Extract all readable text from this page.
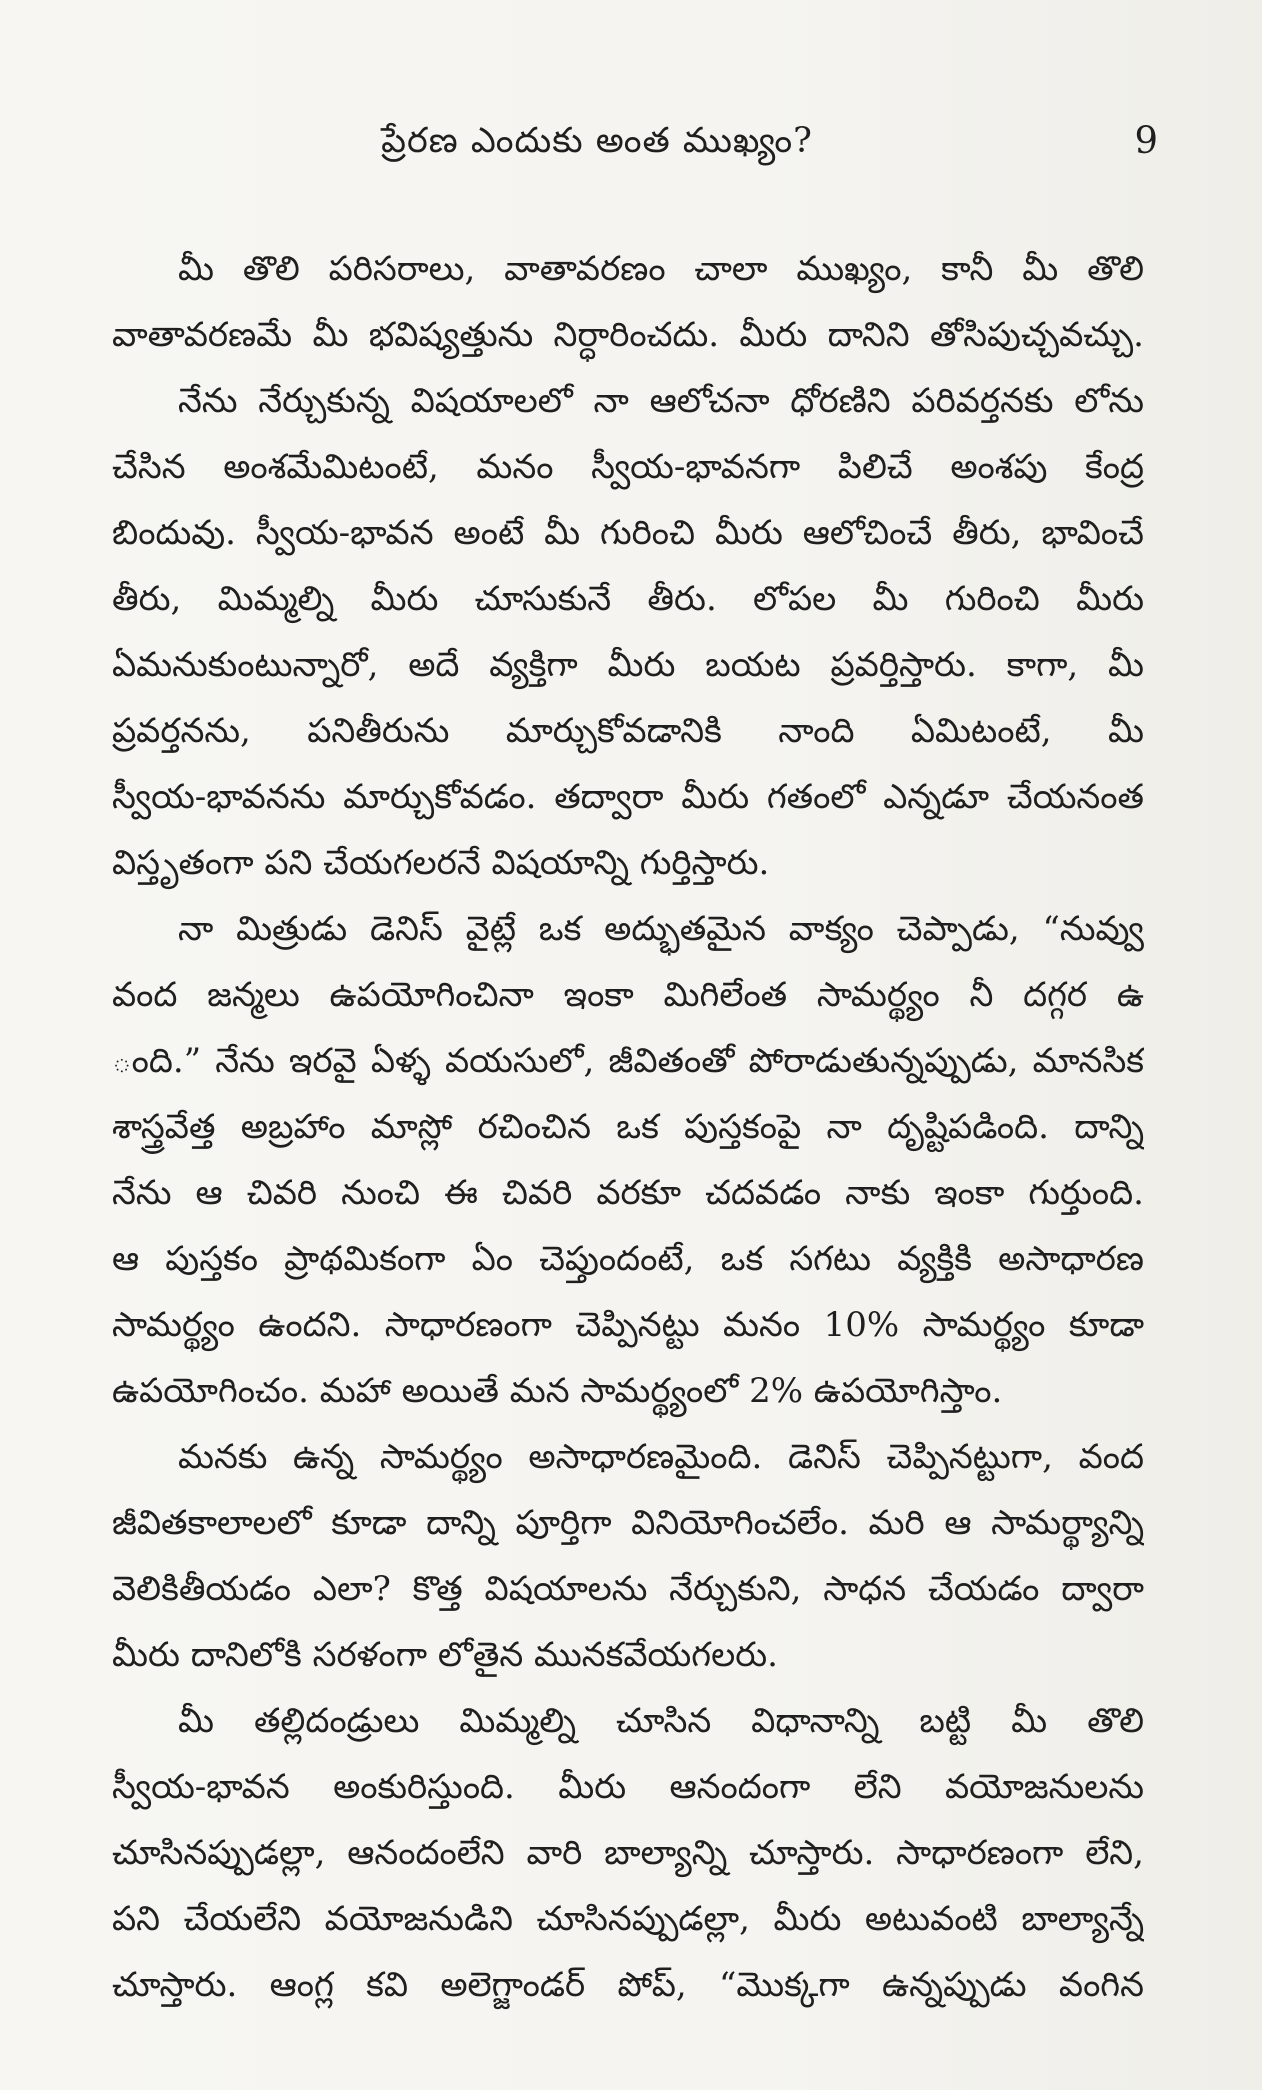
ప్రేరణ ఎందుకు అంత ముఖ్యం?	9
మీ తొలి పరిసరాలు, వాతావరణం చాలా ముఖ్యం, కానీ మీ తొలి
వాతావరణమే మీ భవిష్యత్తును నిర్ధారించదు. మీరు దానిని తోసిపుచ్చవచ్చు.
నేను నేర్చుకున్న విషయాలలో నా ఆలోచనా ధోరణిని పరివర్తనకు లోను
చేసిన అంశమేమిటంటే, మనం స్వీయ-భావనగా పిలిచే అంశపు కేంద్ర
బిందువు. స్వీయ-భావన అంటే మీ గురించి మీరు ఆలోచించే తీరు, భావించే
తీరు, మిమ్మల్ని మీరు చూసుకునే తీరు. లోపల మీ గురించి మీరు
ఏమనుకుంటున్నారో, అదే వ్యక్తిగా మీరు బయట ప్రవర్తిస్తారు. కాగా, మీ
ప్రవర్తనను, పనితీరును మార్చుకోవడానికి నాంది ఏమిటంటే, మీ
స్వీయ-భావనను మార్చుకోవడం. తద్వారా మీరు గతంలో ఎన్నడూ చేయనంత
విస్తృతంగా పని చేయగలరనే విషయాన్ని గుర్తిస్తారు.
నా మిత్రుడు డెనిస్ వైట్లే ఒక అద్భుతమైన వాక్యం చెప్పాడు, “నువ్వు
వంద జన్మలు ఉపయోగించినా ఇంకా మిగిలేంత సామర్థ్యం నీ దగ్గర ఉ
ంది.” నేను ఇరవై ఏళ్ళ వయసులో, జీవితంతో పోరాడుతున్నప్పుడు, మానసిక
శాస్త్రవేత్త అబ్రహాం మాస్లో రచించిన ఒక పుస్తకంపై నా దృష్టిపడింది. దాన్ని
నేను ఆ చివరి నుంచి ఈ చివరి వరకూ చదవడం నాకు ఇంకా గుర్తుంది.
ఆ పుస్తకం ప్రాథమికంగా ఏం చెప్తుందంటే, ఒక సగటు వ్యక్తికి అసాధారణ
సామర్థ్యం ఉందని. సాధారణంగా చెప్పినట్టు మనం 10% సామర్థ్యం కూడా
ఉపయోగించం. మహా అయితే మన సామర్థ్యంలో 2% ఉపయోగిస్తాం.
మనకు ఉన్న సామర్థ్యం అసాధారణమైంది. డెనిస్ చెప్పినట్టుగా, వంద
జీవితకాలాలలో కూడా దాన్ని పూర్తిగా వినియోగించలేం. మరి ఆ సామర్థ్యాన్ని
వెలికితీయడం ఎలా? కొత్త విషయాలను నేర్చుకుని, సాధన చేయడం ద్వారా
మీరు దానిలోకి సరళంగా లోతైన మునకవేయగలరు.
మీ తల్లిదండ్రులు మిమ్మల్ని చూసిన విధానాన్ని బట్టి మీ తొలి
స్వీయ-భావన అంకురిస్తుంది. మీరు ఆనందంగా లేని వయోజనులను
చూసినప్పుడల్లా, ఆనందంలేని వారి బాల్యాన్ని చూస్తారు. సాధారణంగా లేని,
పని చేయలేని వయోజనుడిని చూసినప్పుడల్లా, మీరు అటువంటి బాల్యాన్నే
చూస్తారు. ఆంగ్ల కవి అలెగ్జాండర్ పోప్, “మొక్కగా ఉన్నప్పుడు వంగిన
